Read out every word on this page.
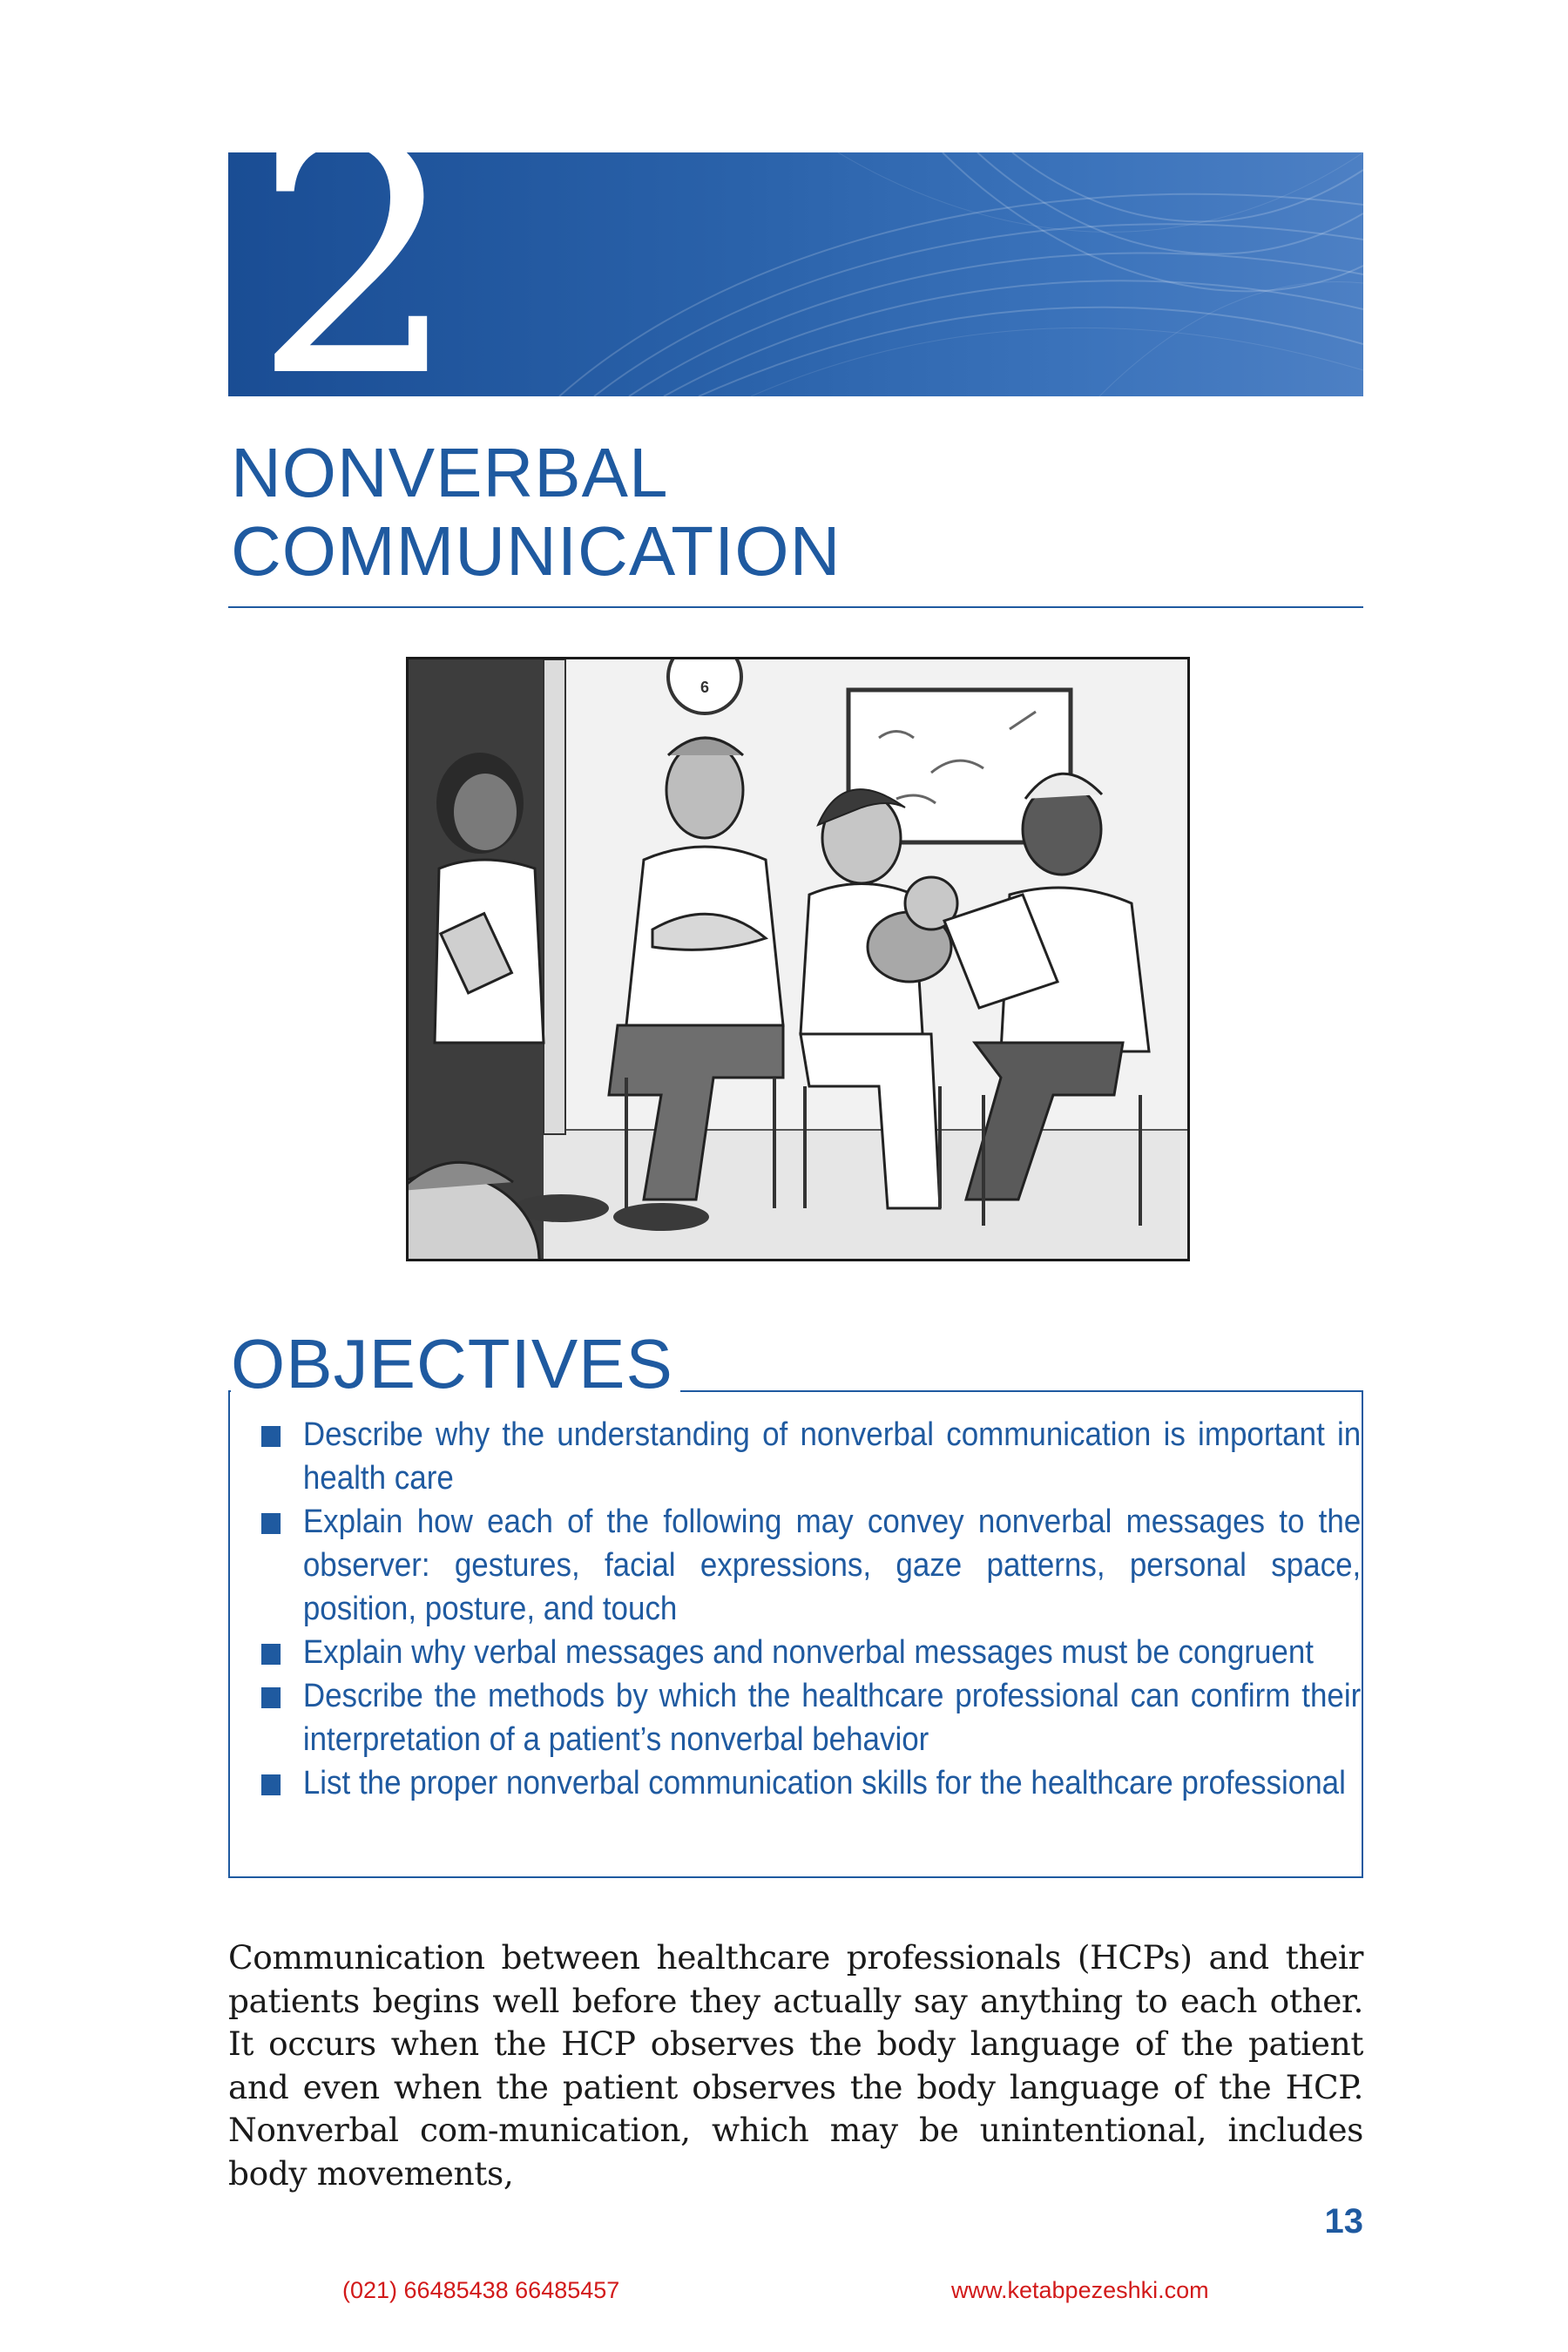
2
NONVERBAL
COMMUNICATION
6
OBJECTIVES
Describe why the understanding of nonverbal communication is important in health care
Explain how each of the following may convey nonverbal messages to the observer: gestures, facial expressions, gaze patterns, personal space, position, posture, and touch
Explain why verbal messages and nonverbal messages must be congruent
Describe the methods by which the healthcare professional can confirm their interpretation of a patient’s nonverbal behavior
List the proper nonverbal communication skills for the healthcare professional

Communication between healthcare professionals (HCPs) and their patients begins well before they actually say anything to each other. It occurs when the HCP observes the body language of the patient and even when the patient observes the body language of the HCP. Nonverbal com-munication, which may be unintentional, includes body movements,

13
(021) 66485438 66485457	www.ketabpezeshki.com
